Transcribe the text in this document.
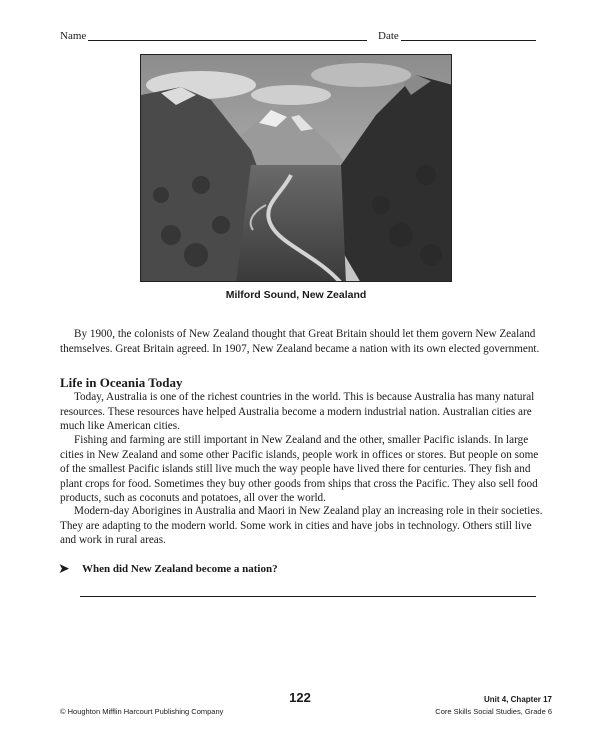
Name	Date
Milford Sound, New Zealand

By 1900, the colonists of New Zealand thought that Great Britain should let them govern New Zealand themselves. Great Britain agreed. In 1907, New Zealand became a nation with its own elected government.

Life in Oceania Today

Today, Australia is one of the richest countries in the world. This is because Australia has many natural resources. These resources have helped Australia become a modern industrial nation. Australian cities are much like American cities.

Fishing and farming are still important in New Zealand and the other, smaller Pacific islands. In large cities in New Zealand and some other Pacific islands, people work in offices or stores. But people on some of the smallest Pacific islands still live much the way people have lived there for centuries. They fish and plant crops for food. Sometimes they buy other goods from ships that cross the Pacific. They also sell food products, such as coconuts and potatoes, all over the world.

Modern-day Aborigines in Australia and Maori in New Zealand play an increasing role in their societies. They are adapting to the modern world. Some work in cities and have jobs in technology. Others still live and work in rural areas.

➤ When did New Zealand become a nation?
122
© Houghton Mifflin Harcourt Publishing Company
Unit 4, Chapter 17
Core Skills Social Studies, Grade 6
